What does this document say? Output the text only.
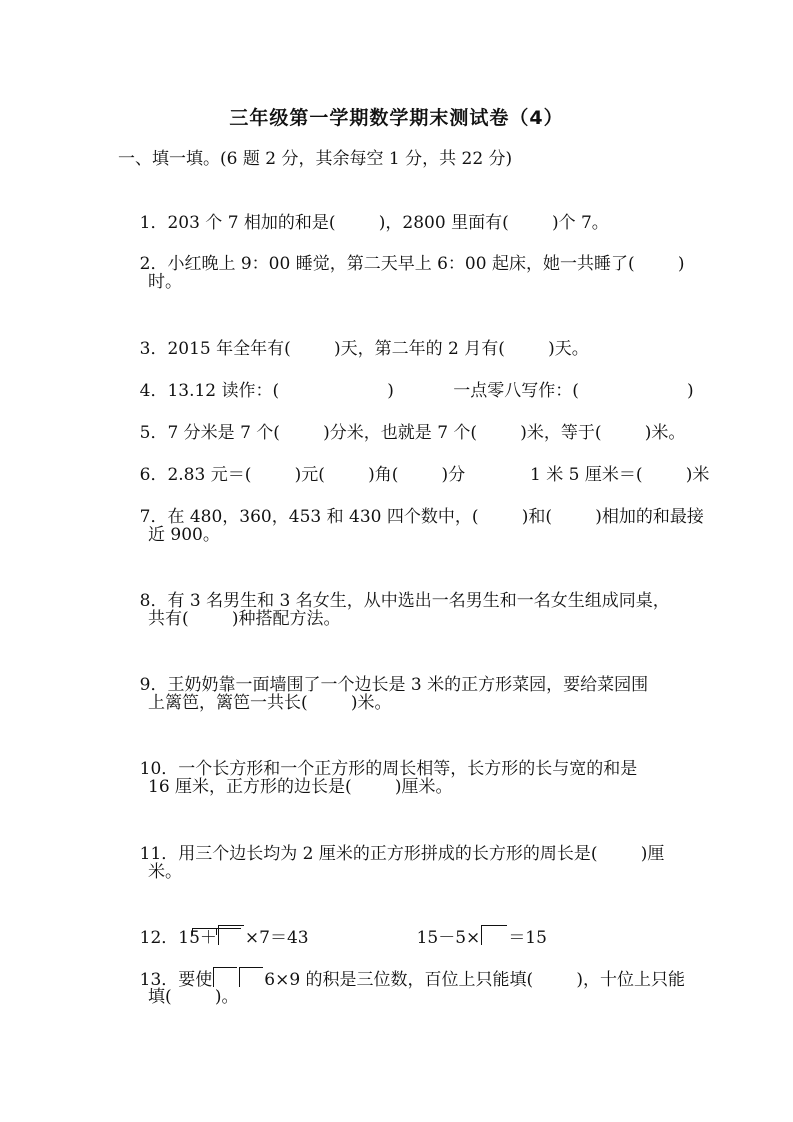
三年级第一学期数学期末测试卷（4）
一、填一填。(6 题 2 分，其余每空 1 分，共 22 分)

1．203 个 7 相加的和是(        )，2800 里面有(        )个 7。

2．小红晚上 9：00 睡觉，第二天早上 6：00 起床，她一共睡了(        )

时。

3．2015 年全年有(        )天，第二年的 2 月有(        )天。

4．13.12 读作：(                    )           一点零八写作：(                    )

5．7 分米是 7 个(        )分米，也就是 7 个(        )米，等于(        )米。

6．2.83 元＝(        )元(        )角(        )分            1 米 5 厘米＝(        )米

7．在 480，360，453 和 430 四个数中，(        )和(        )相加的和最接

近 900。

8．有 3 名男生和 3 名女生，从中选出一名男生和一名女生组成同桌，

共有(        )种搭配方法。

9．王奶奶靠一面墙围了一个边长是 3 米的正方形菜园，要给菜园围

上篱笆，篱笆一共长(        )米。

10．一个长方形和一个正方形的周长相等，长方形的长与宽的和是

16 厘米，正方形的边长是(        )厘米。

11．用三个边长均为 2 厘米的正方形拼成的长方形的周长是(        )厘

米。

12．15＋ ×7＝43	15－5× ＝15

13．要使	6×9 的积是三位数，百位上只能填(        )，十位上只能

填(        )。
